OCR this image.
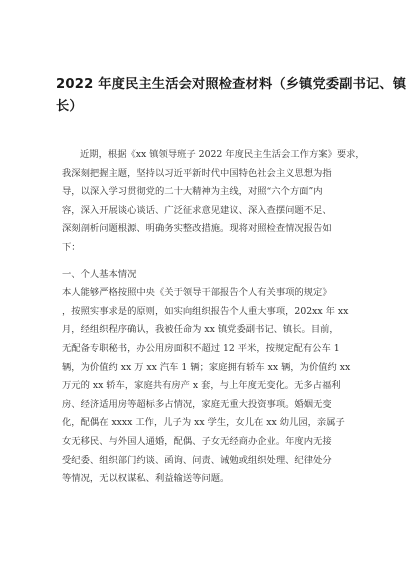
2022 年度民主生活会对照检查材料（乡镇党委副书记、镇
长）
近期，根据《xx 镇领导班子 2022 年度民主生活会工作方案》要求，
我深刻把握主题，坚持以习近平新时代中国特色社会主义思想为指
导，以深入学习贯彻党的二十大精神为主线，对照“六个方面”内
容，深入开展谈心谈话、广泛征求意见建议、深入查摆问题不足、
深刻剖析问题根源、明确务实整改措施。现将对照检查情况报告如
下：
一、个人基本情况
本人能够严格按照中央《关于领导干部报告个人有关事项的规定》
，按照实事求是的原则，如实向组织报告个人重大事项，202xx 年 xx
月，经组织程序确认，我被任命为 xx 镇党委副书记、镇长。目前，
无配备专职秘书，办公用房面积不超过 12 平米，按规定配有公车 1
辆，为价值约 xx 万 xx 汽车 1 辆；家庭拥有轿车 xx 辆，为价值约 xx
万元的 xx 轿车，家庭共有房产 x 套，与上年度无变化。无多占福利
房、经济适用房等超标多占情况，家庭无重大投资事项。婚姻无变
化，配偶在 xxxx 工作，儿子为 xx 学生，女儿在 xx 幼儿园，亲属子
女无移民、与外国人通婚，配偶、子女无经商办企业。年度内无接
受纪委、组织部门约谈、函询、问责、诫勉或组织处理、纪律处分
等情况，无以权谋私、利益输送等问题。
